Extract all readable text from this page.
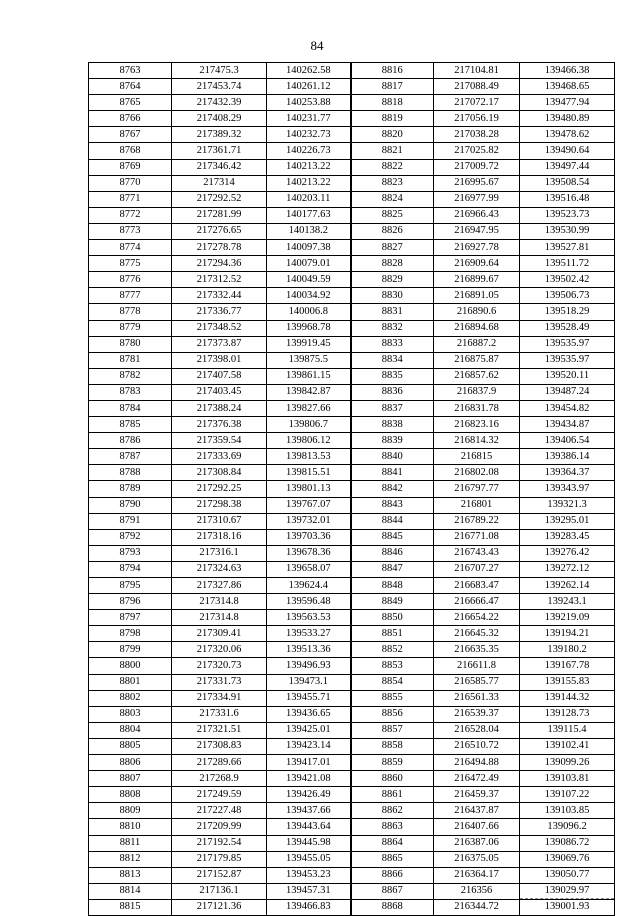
84
8763	217475.3	140262.58	8816	217104.81	139466.38
8764	217453.74	140261.12	8817	217088.49	139468.65
8765	217432.39	140253.88	8818	217072.17	139477.94
8766	217408.29	140231.77	8819	217056.19	139480.89
8767	217389.32	140232.73	8820	217038.28	139478.62
8768	217361.71	140226.73	8821	217025.82	139490.64
8769	217346.42	140213.22	8822	217009.72	139497.44
8770	217314	140213.22	8823	216995.67	139508.54
8771	217292.52	140203.11	8824	216977.99	139516.48
8772	217281.99	140177.63	8825	216966.43	139523.73
8773	217276.65	140138.2	8826	216947.95	139530.99
8774	217278.78	140097.38	8827	216927.78	139527.81
8775	217294.36	140079.01	8828	216909.64	139511.72
8776	217312.52	140049.59	8829	216899.67	139502.42
8777	217332.44	140034.92	8830	216891.05	139506.73
8778	217336.77	140006.8	8831	216890.6	139518.29
8779	217348.52	139968.78	8832	216894.68	139528.49
8780	217373.87	139919.45	8833	216887.2	139535.97
8781	217398.01	139875.5	8834	216875.87	139535.97
8782	217407.58	139861.15	8835	216857.62	139520.11
8783	217403.45	139842.87	8836	216837.9	139487.24
8784	217388.24	139827.66	8837	216831.78	139454.82
8785	217376.38	139806.7	8838	216823.16	139434.87
8786	217359.54	139806.12	8839	216814.32	139406.54
8787	217333.69	139813.53	8840	216815	139386.14
8788	217308.84	139815.51	8841	216802.08	139364.37
8789	217292.25	139801.13	8842	216797.77	139343.97
8790	217298.38	139767.07	8843	216801	139321.3
8791	217310.67	139732.01	8844	216789.22	139295.01
8792	217318.16	139703.36	8845	216771.08	139283.45
8793	217316.1	139678.36	8846	216743.43	139276.42
8794	217324.63	139658.07	8847	216707.27	139272.12
8795	217327.86	139624.4	8848	216683.47	139262.14
8796	217314.8	139596.48	8849	216666.47	139243.1
8797	217314.8	139563.53	8850	216654.22	139219.09
8798	217309.41	139533.27	8851	216645.32	139194.21
8799	217320.06	139513.36	8852	216635.35	139180.2
8800	217320.73	139496.93	8853	216611.8	139167.78
8801	217331.73	139473.1	8854	216585.77	139155.83
8802	217334.91	139455.71	8855	216561.33	139144.32
8803	217331.6	139436.65	8856	216539.37	139128.73
8804	217321.51	139425.01	8857	216528.04	139115.4
8805	217308.83	139423.14	8858	216510.72	139102.41
8806	217289.66	139417.01	8859	216494.88	139099.26
8807	217268.9	139421.08	8860	216472.49	139103.81
8808	217249.59	139426.49	8861	216459.37	139107.22
8809	217227.48	139437.66	8862	216437.87	139103.85
8810	217209.99	139443.64	8863	216407.66	139096.2
8811	217192.54	139445.98	8864	216387.06	139086.72
8812	217179.85	139455.05	8865	216375.05	139069.76
8813	217152.87	139453.23	8866	216364.17	139050.77
8814	217136.1	139457.31	8867	216356	139029.97
8815	217121.36	139466.83	8868	216344.72	139001.93
